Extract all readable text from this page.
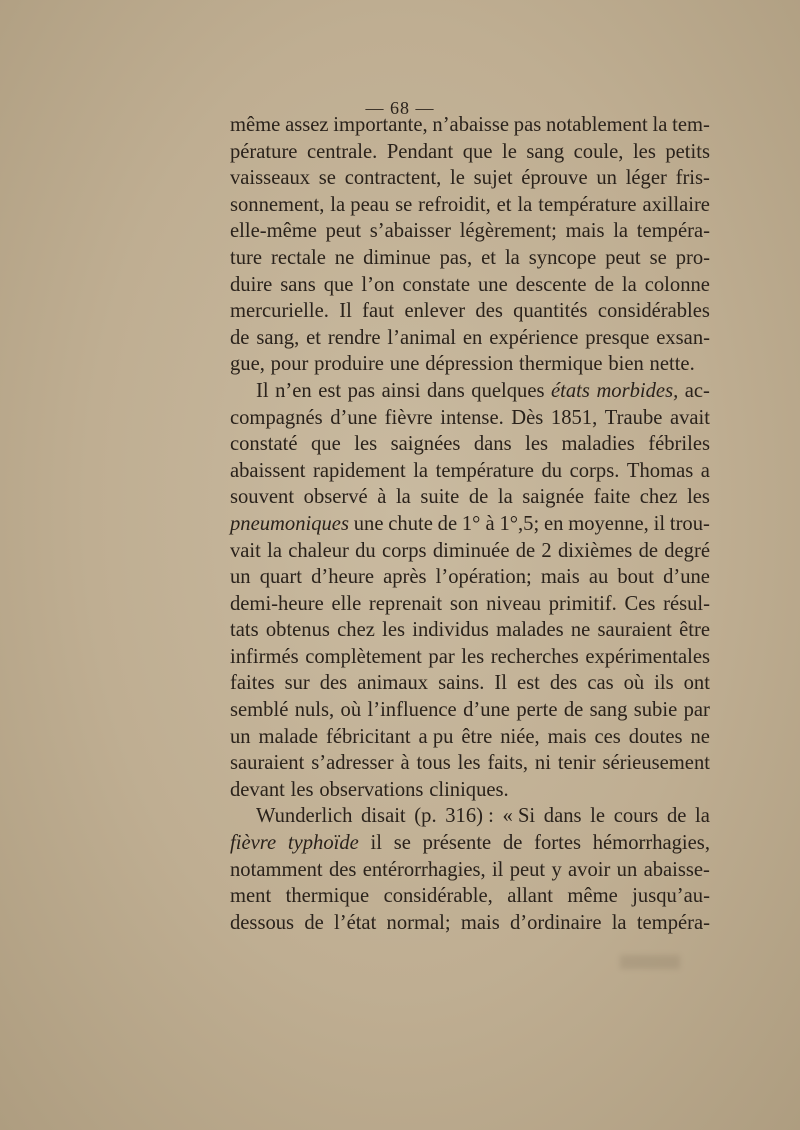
— 68 —
même assez importante, n’abaisse pas notablement la tem-
pérature centrale. Pendant que le sang coule, les petits
vaisseaux se contractent, le sujet éprouve un léger fris-
sonnement, la peau se refroidit, et la température axillaire
elle-même peut s’abaisser légèrement; mais la tempéra-
ture rectale ne diminue pas, et la syncope peut se pro-
duire sans que l’on constate une descente de la colonne
mercurielle. Il faut enlever des quantités considérables
de sang, et rendre l’animal en expérience presque exsan-
gue, pour produire une dépression thermique bien nette.
Il n’en est pas ainsi dans quelques états morbides, ac-
compagnés d’une fièvre intense. Dès 1851, Traube avait
constaté que les saignées dans les maladies fébriles
abaissent rapidement la température du corps. Thomas a
souvent observé à la suite de la saignée faite chez les
pneumoniques une chute de 1° à 1°,5; en moyenne, il trou-
vait la chaleur du corps diminuée de 2 dixièmes de degré
un quart d’heure après l’opération; mais au bout d’une
demi-heure elle reprenait son niveau primitif. Ces résul-
tats obtenus chez les individus malades ne sauraient être
infirmés complètement par les recherches expérimentales
faites sur des animaux sains. Il est des cas où ils ont
semblé nuls, où l’influence d’une perte de sang subie par
un malade fébricitant a pu être niée, mais ces doutes ne
sauraient s’adresser à tous les faits, ni tenir sérieusement
devant les observations cliniques.
Wunderlich disait (p. 316) : « Si dans le cours de la
fièvre typhoïde il se présente de fortes hémorrhagies,
notamment des entérorrhagies, il peut y avoir un abaisse-
ment thermique considérable, allant même jusqu’au-
dessous de l’état normal; mais d’ordinaire la tempéra-
